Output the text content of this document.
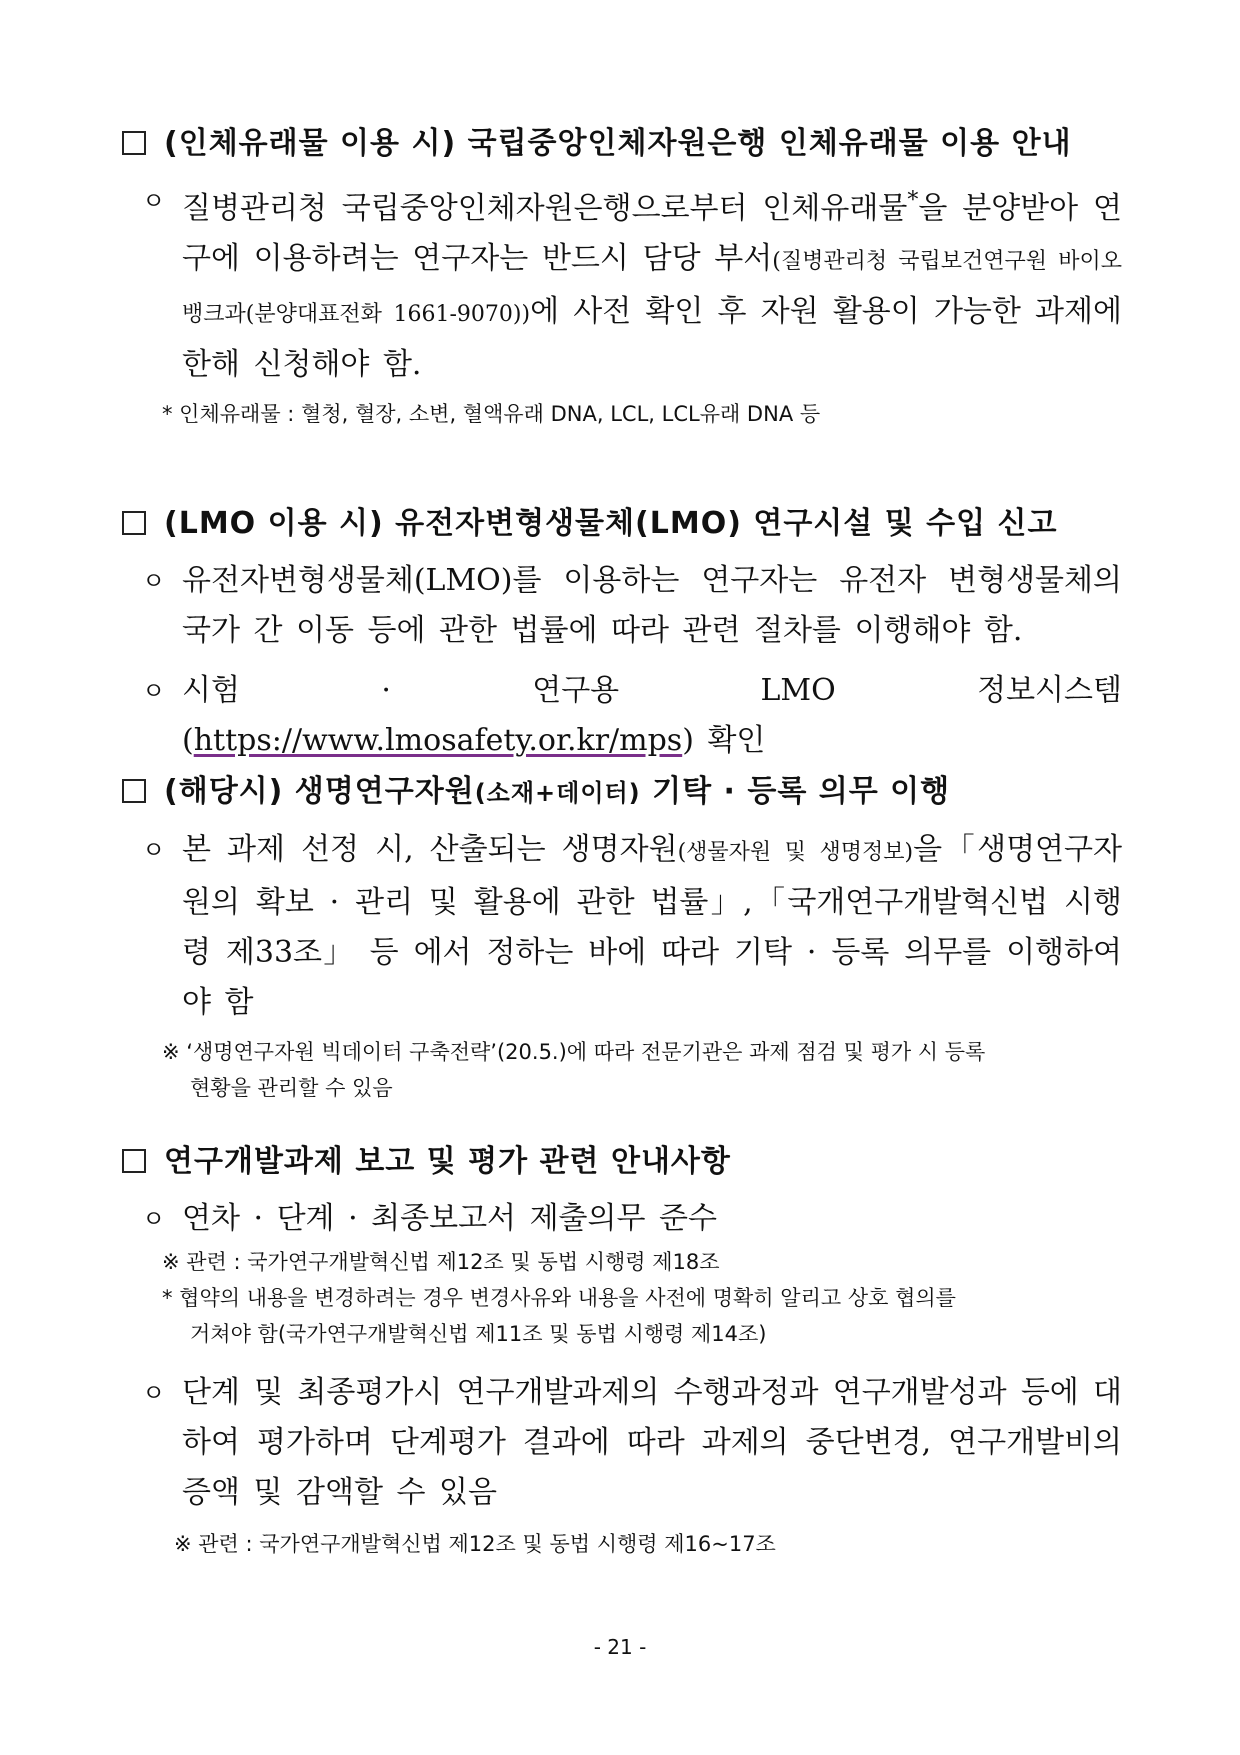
(인체유래물 이용 시) 국립중앙인체자원은행 인체유래물 이용 안내
ㅇ 질병관리청 국립중앙인체자원은행으로부터 인체유래물*을 분양받아 연구에 이용하려는 연구자는 반드시 담당 부서(질병관리청 국립보건연구원 바이오뱅크과(분양대표전화 1661-9070))에 사전 확인 후 자원 활용이 가능한 과제에 한해 신청해야 함.
* 인체유래물 : 혈청, 혈장, 소변, 혈액유래 DNA, LCL, LCL유래 DNA 등
(LMO 이용 시) 유전자변형생물체(LMO) 연구시설 및 수입 신고
ㅇ 유전자변형생물체(LMO)를 이용하는 연구자는 유전자 변형생물체의 국가 간 이동 등에 관한 법률에 따라 관련 절차를 이행해야 함.
ㅇ 시험 · 연구용 LMO 정보시스템(https://www.lmosafety.or.kr/mps) 확인
(해당시) 생명연구자원(소재+데이터) 기탁 · 등록 의무 이행
ㅇ 본 과제 선정 시, 산출되는 생명자원(생물자원 및 생명정보)을「생명연구자원의 확보 · 관리 및 활용에 관한 법률」,「국개연구개발혁신법 시행령 제33조」 등 에서 정하는 바에 따라 기탁 · 등록 의무를 이행하여야 함
※ ‘생명연구자원 빅데이터 구축전략’(20.5.)에 따라 전문기관은 과제 점검 및 평가 시 등록
현황을 관리할 수 있음
연구개발과제 보고 및 평가 관련 안내사항
ㅇ 연차 · 단계 · 최종보고서 제출의무 준수
※ 관련 : 국가연구개발혁신법 제12조 및 동법 시행령 제18조
* 협약의 내용을 변경하려는 경우 변경사유와 내용을 사전에 명확히 알리고 상호 협의를
거쳐야 함(국가연구개발혁신법 제11조 및 동법 시행령 제14조)
ㅇ 단계 및 최종평가시 연구개발과제의 수행과정과 연구개발성과 등에 대하여 평가하며 단계평가 결과에 따라 과제의 중단변경, 연구개발비의 증액 및 감액할 수 있음
※ 관련 : 국가연구개발혁신법 제12조 및 동법 시행령 제16~17조
- 21 -
